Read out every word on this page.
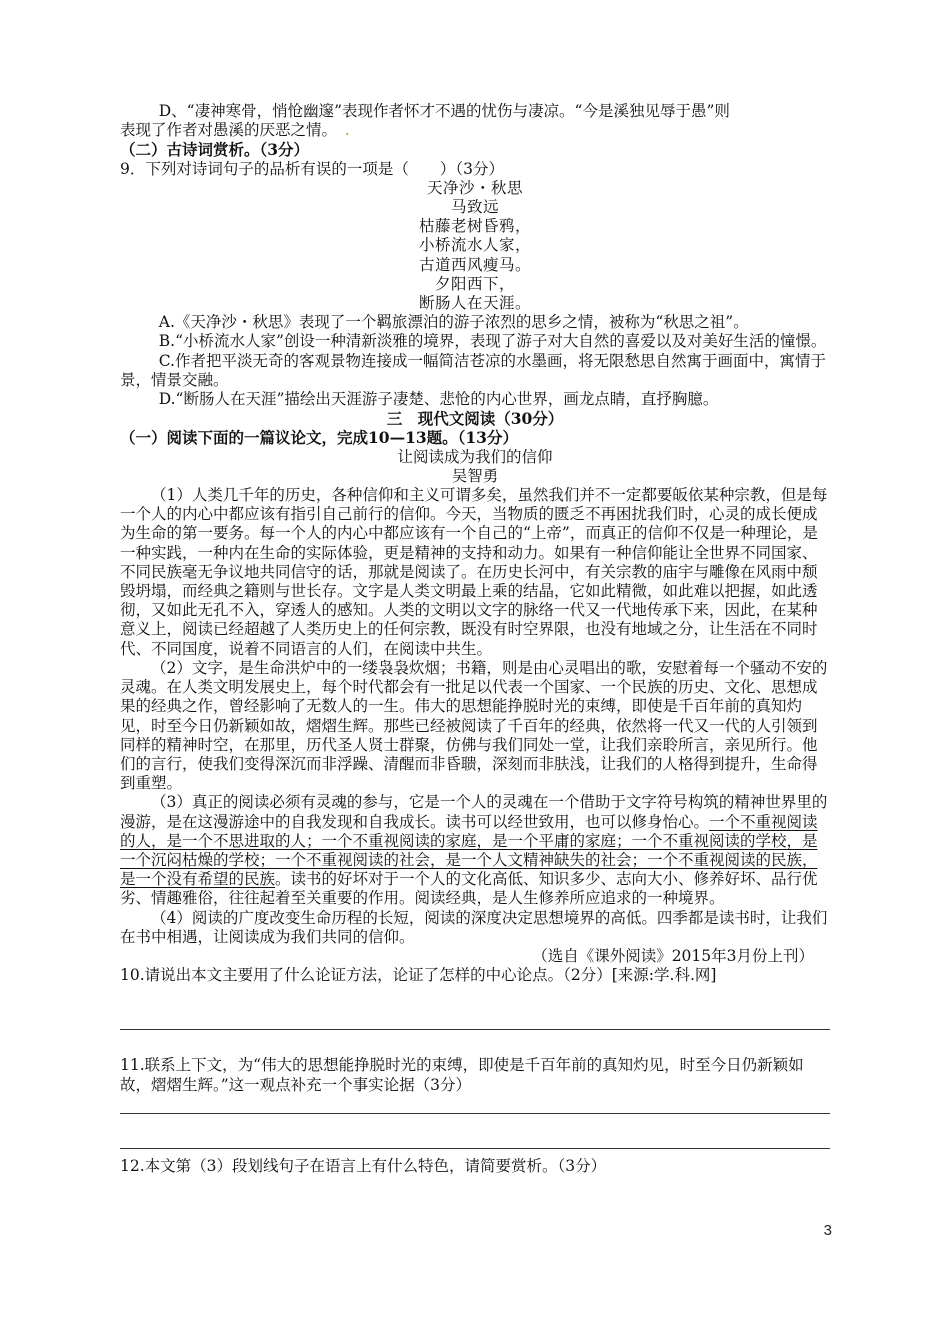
D、“凄神寒骨，悄怆幽邃”表现作者怀才不遇的忧伤与凄凉。“今是溪独见辱于愚”则

表现了作者对愚溪的厌恶之情。　.

（二）古诗词赏析。（3分）

9．下列对诗词句子的品析有误的一项是（　　）（3分）

天净沙・秋思

马致远

枯藤老树昏鸦，

小桥流水人家，

古道西风瘦马。

夕阳西下，

断肠人在天涯。

A.《天净沙・秋思》表现了一个羁旅漂泊的游子浓烈的思乡之情，被称为“秋思之祖”。

B.“小桥流水人家”创设一种清新淡雅的境界，表现了游子对大自然的喜爱以及对美好生活的憧憬。

C.作者把平淡无奇的客观景物连接成一幅简洁苍凉的水墨画，将无限愁思自然寓于画面中，寓情于景，情景交融。

D.“断肠人在天涯”描绘出天涯游子凄楚、悲怆的内心世界，画龙点睛，直抒胸臆。

三　现代文阅读（30分）

（一）阅读下面的一篇议论文，完成10—13题。（13分）

让阅读成为我们的信仰

吴智勇

（1）人类几千年的历史，各种信仰和主义可谓多矣，虽然我们并不一定都要皈依某种宗教，但是每一个人的内心中都应该有指引自己前行的信仰。今天，当物质的匮乏不再困扰我们时，心灵的成长便成为生命的第一要务。每一个人的内心中都应该有一个自己的“上帝”，而真正的信仰不仅是一种理论，是一种实践，一种内在生命的实际体验，更是精神的支持和动力。如果有一种信仰能让全世界不同国家、不同民族毫无争议地共同信守的话，那就是阅读了。在历史长河中，有关宗教的庙宇与雕像在风雨中颓毁坍塌，而经典之籍则与世长存。文字是人类文明最上乘的结晶，它如此精微，如此难以把握，如此透彻，又如此无孔不入，穿透人的感知。人类的文明以文字的脉络一代又一代地传承下来，因此，在某种意义上，阅读已经超越了人类历史上的任何宗教，既没有时空界限，也没有地域之分，让生活在不同时代、不同国度，说着不同语言的人们，在阅读中共生。

（2）文字，是生命洪炉中的一缕袅袅炊烟；书籍，则是由心灵唱出的歌，安慰着每一个骚动不安的灵魂。在人类文明发展史上，每个时代都会有一批足以代表一个国家、一个民族的历史、文化、思想成果的经典之作，曾经影响了无数人的一生。伟大的思想能挣脱时光的束缚，即使是千百年前的真知灼见，时至今日仍新颖如故，熠熠生辉。那些已经被阅读了千百年的经典，依然将一代又一代的人引领到同样的精神时空，在那里，历代圣人贤士群聚，仿佛与我们同处一堂，让我们亲聆所言，亲见所行。他们的言行，使我们变得深沉而非浮躁、清醒而非昏聩，深刻而非肤浅，让我们的人格得到提升，生命得到重塑。

（3）真正的阅读必须有灵魂的参与，它是一个人的灵魂在一个借助于文字符号构筑的精神世界里的漫游，是在这漫游途中的自我发现和自我成长。读书可以经世致用，也可以修身怡心。一个不重视阅读的人，是一个不思进取的人；一个不重视阅读的家庭，是一个平庸的家庭；一个不重视阅读的学校，是一个沉闷枯燥的学校；一个不重视阅读的社会，是一个人文精神缺失的社会；一个不重视阅读的民族，是一个没有希望的民族。读书的好坏对于一个人的文化高低、知识多少、志向大小、修养好坏、品行优劣、情趣雅俗，往往起着至关重要的作用。阅读经典，是人生修养所应追求的一种境界。

（4）阅读的广度改变生命历程的长短，阅读的深度决定思想境界的高低。四季都是读书时，让我们在书中相遇，让阅读成为我们共同的信仰。

（选自《课外阅读》2015年3月份上刊）

10.请说出本文主要用了什么论证方法，论证了怎样的中心论点。（2分）[来源:学.科.网]

11.联系上下文，为“伟大的思想能挣脱时光的束缚，即使是千百年前的真知灼见，时至今日仍新颖如故，熠熠生辉。”这一观点补充一个事实论据（3分）

12.本文第（3）段划线句子在语言上有什么特色，请简要赏析。（3分）

3
